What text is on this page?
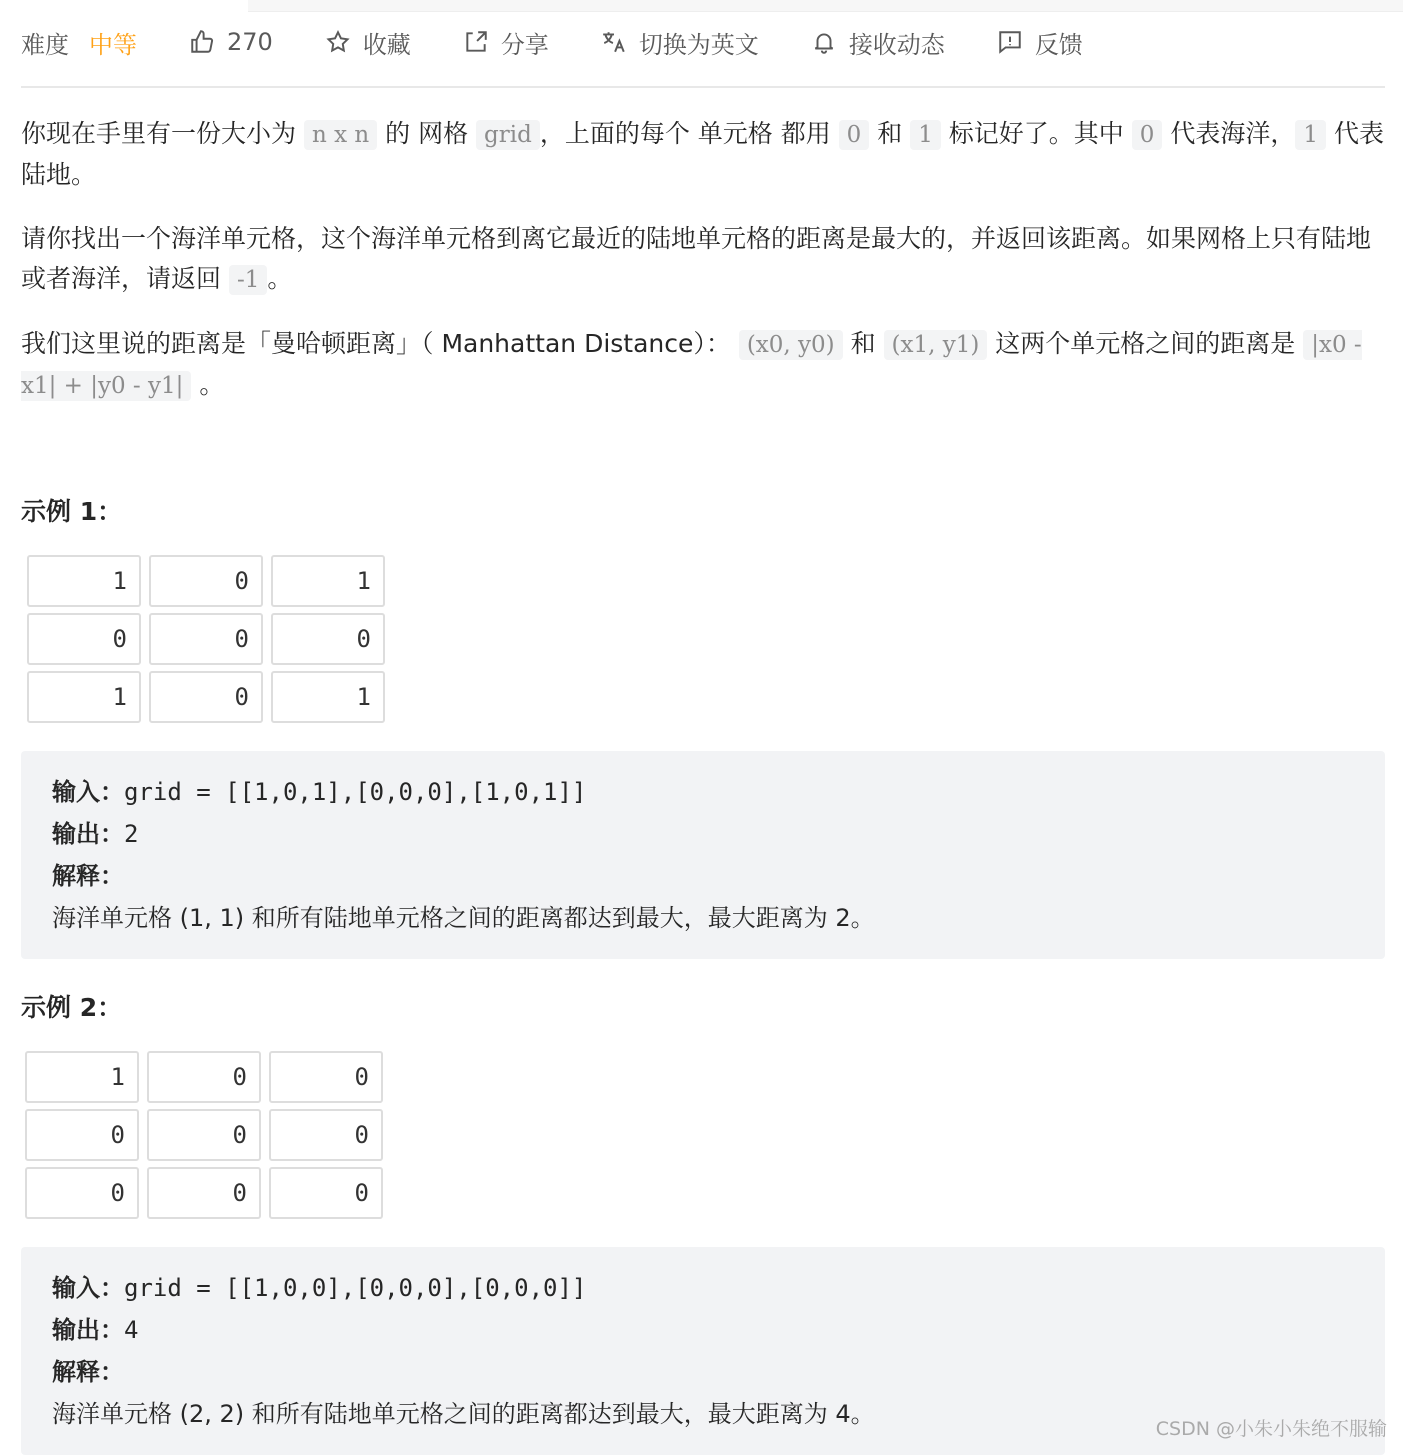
难度 中等	270	收藏	分享	切换为英文	接收动态	反馈

你现在手里有一份大小为 n x n 的 网格 grid ，上面的每个 单元格 都用 0 和 1 标记好了。其中 0 代表海洋， 1 代表陆地。

请你找出一个海洋单元格，这个海洋单元格到离它最近的陆地单元格的距离是最大的，并返回该距离。如果网格上只有陆地或者海洋，请返回 -1 。

我们这里说的距离是「曼哈顿距离」（ Manhattan Distance）： (x0, y0) 和 (x1, y1) 这两个单元格之间的距离是 |x0 - x1| + |y0 - y1| 。

示例 1：
1	0	1
0	0	0
1	0	1
输入：grid = [[1,0,1],[0,0,0],[1,0,1]]
输出：2
解释：
海洋单元格 (1, 1) 和所有陆地单元格之间的距离都达到最大，最大距离为 2。
示例 2：
1	0	0
0	0	0
0	0	0
输入：grid = [[1,0,0],[0,0,0],[0,0,0]]
输出：4
解释：
海洋单元格 (2, 2) 和所有陆地单元格之间的距离都达到最大，最大距离为 4。
CSDN @小朱小朱绝不服输
